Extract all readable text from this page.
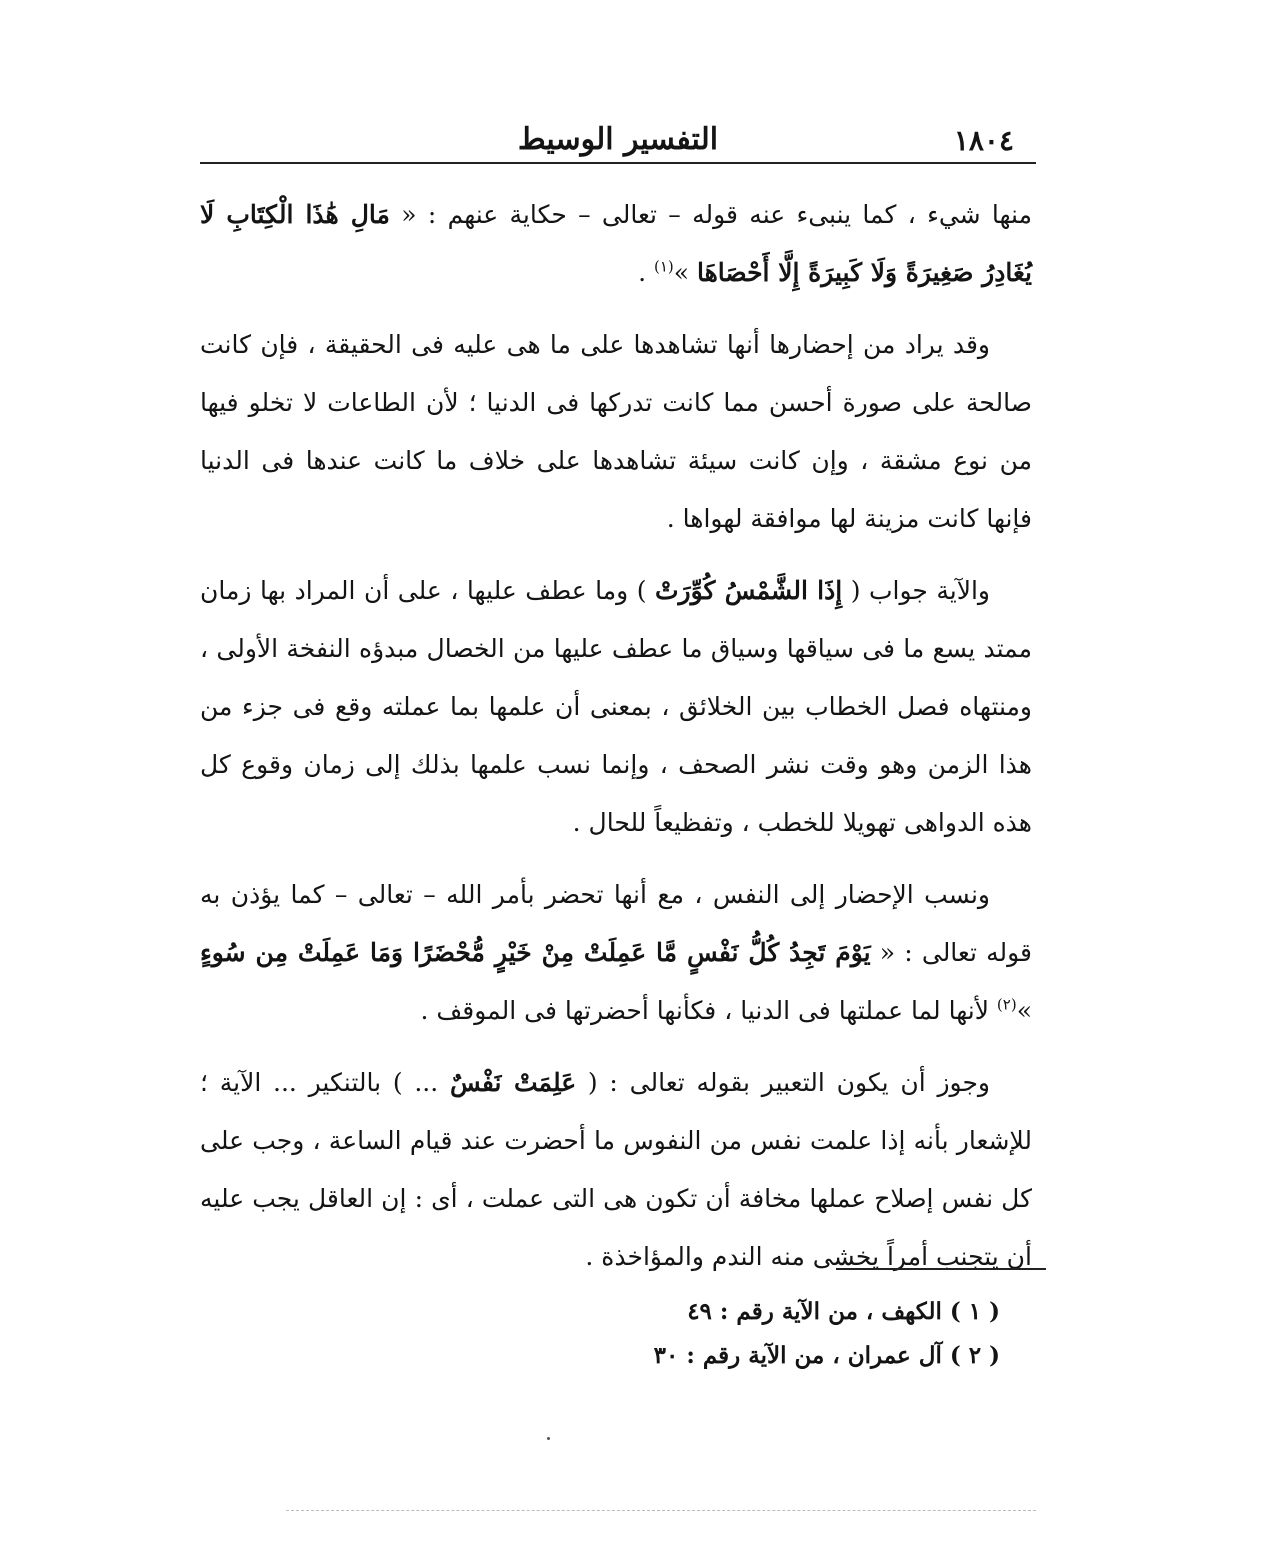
١٨٠٤
التفسير الوسيط

منها شيء ، كما ينبىء عنه قوله – تعالى – حكاية عنهم : « مَالِ هَٰذَا الْكِتَابِ لَا يُغَادِرُ صَغِيرَةً وَلَا كَبِيرَةً إِلَّا أَحْصَاهَا »$^{(١)}$ .

وقد يراد من إحضارها أنها تشاهدها على ما هى عليه فى الحقيقة ، فإن كانت صالحة على صورة أحسن مما كانت تدركها فى الدنيا ؛ لأن الطاعات لا تخلو فيها من نوع مشقة ، وإن كانت سيئة تشاهدها على خلاف ما كانت عندها فى الدنيا فإنها كانت مزينة لها موافقة لهواها .

والآية جواب ( إِذَا الشَّمْسُ كُوِّرَتْ ) وما عطف عليها ، على أن المراد بها زمان ممتد يسع ما فى سياقها وسياق ما عطف عليها من الخصال مبدؤه النفخة الأولى ، ومنتهاه فصل الخطاب بين الخلائق ، بمعنى أن علمها بما عملته وقع فى جزء من هذا الزمن وهو وقت نشر الصحف ، وإنما نسب علمها بذلك إلى زمان وقوع كل هذه الدواهى تهويلا للخطب ، وتفظيعاً للحال .

ونسب الإحضار إلى النفس ، مع أنها تحضر بأمر الله – تعالى – كما يؤذن به قوله تعالى : « يَوْمَ تَجِدُ كُلُّ نَفْسٍ مَّا عَمِلَتْ مِنْ خَيْرٍ مُّحْضَرًا وَمَا عَمِلَتْ مِن سُوءٍ »$^{(٢)}$ لأنها لما عملتها فى الدنيا ، فكأنها أحضرتها فى الموقف .

وجوز أن يكون التعبير بقوله تعالى : ( عَلِمَتْ نَفْسٌ ... ) بالتنكير ... الآية ؛ للإشعار بأنه إذا علمت نفس من النفوس ما أحضرت عند قيام الساعة ، وجب على كل نفس إصلاح عملها مخافة أن تكون هى التى عملت ، أى : إن العاقل يجب عليه أن يتجنب أمراً يخشى منه الندم والمؤاخذة .

( ١ ) الكهف ، من الآية رقم : ٤٩

( ٢ ) آل عمران ، من الآية رقم : ٣٠
